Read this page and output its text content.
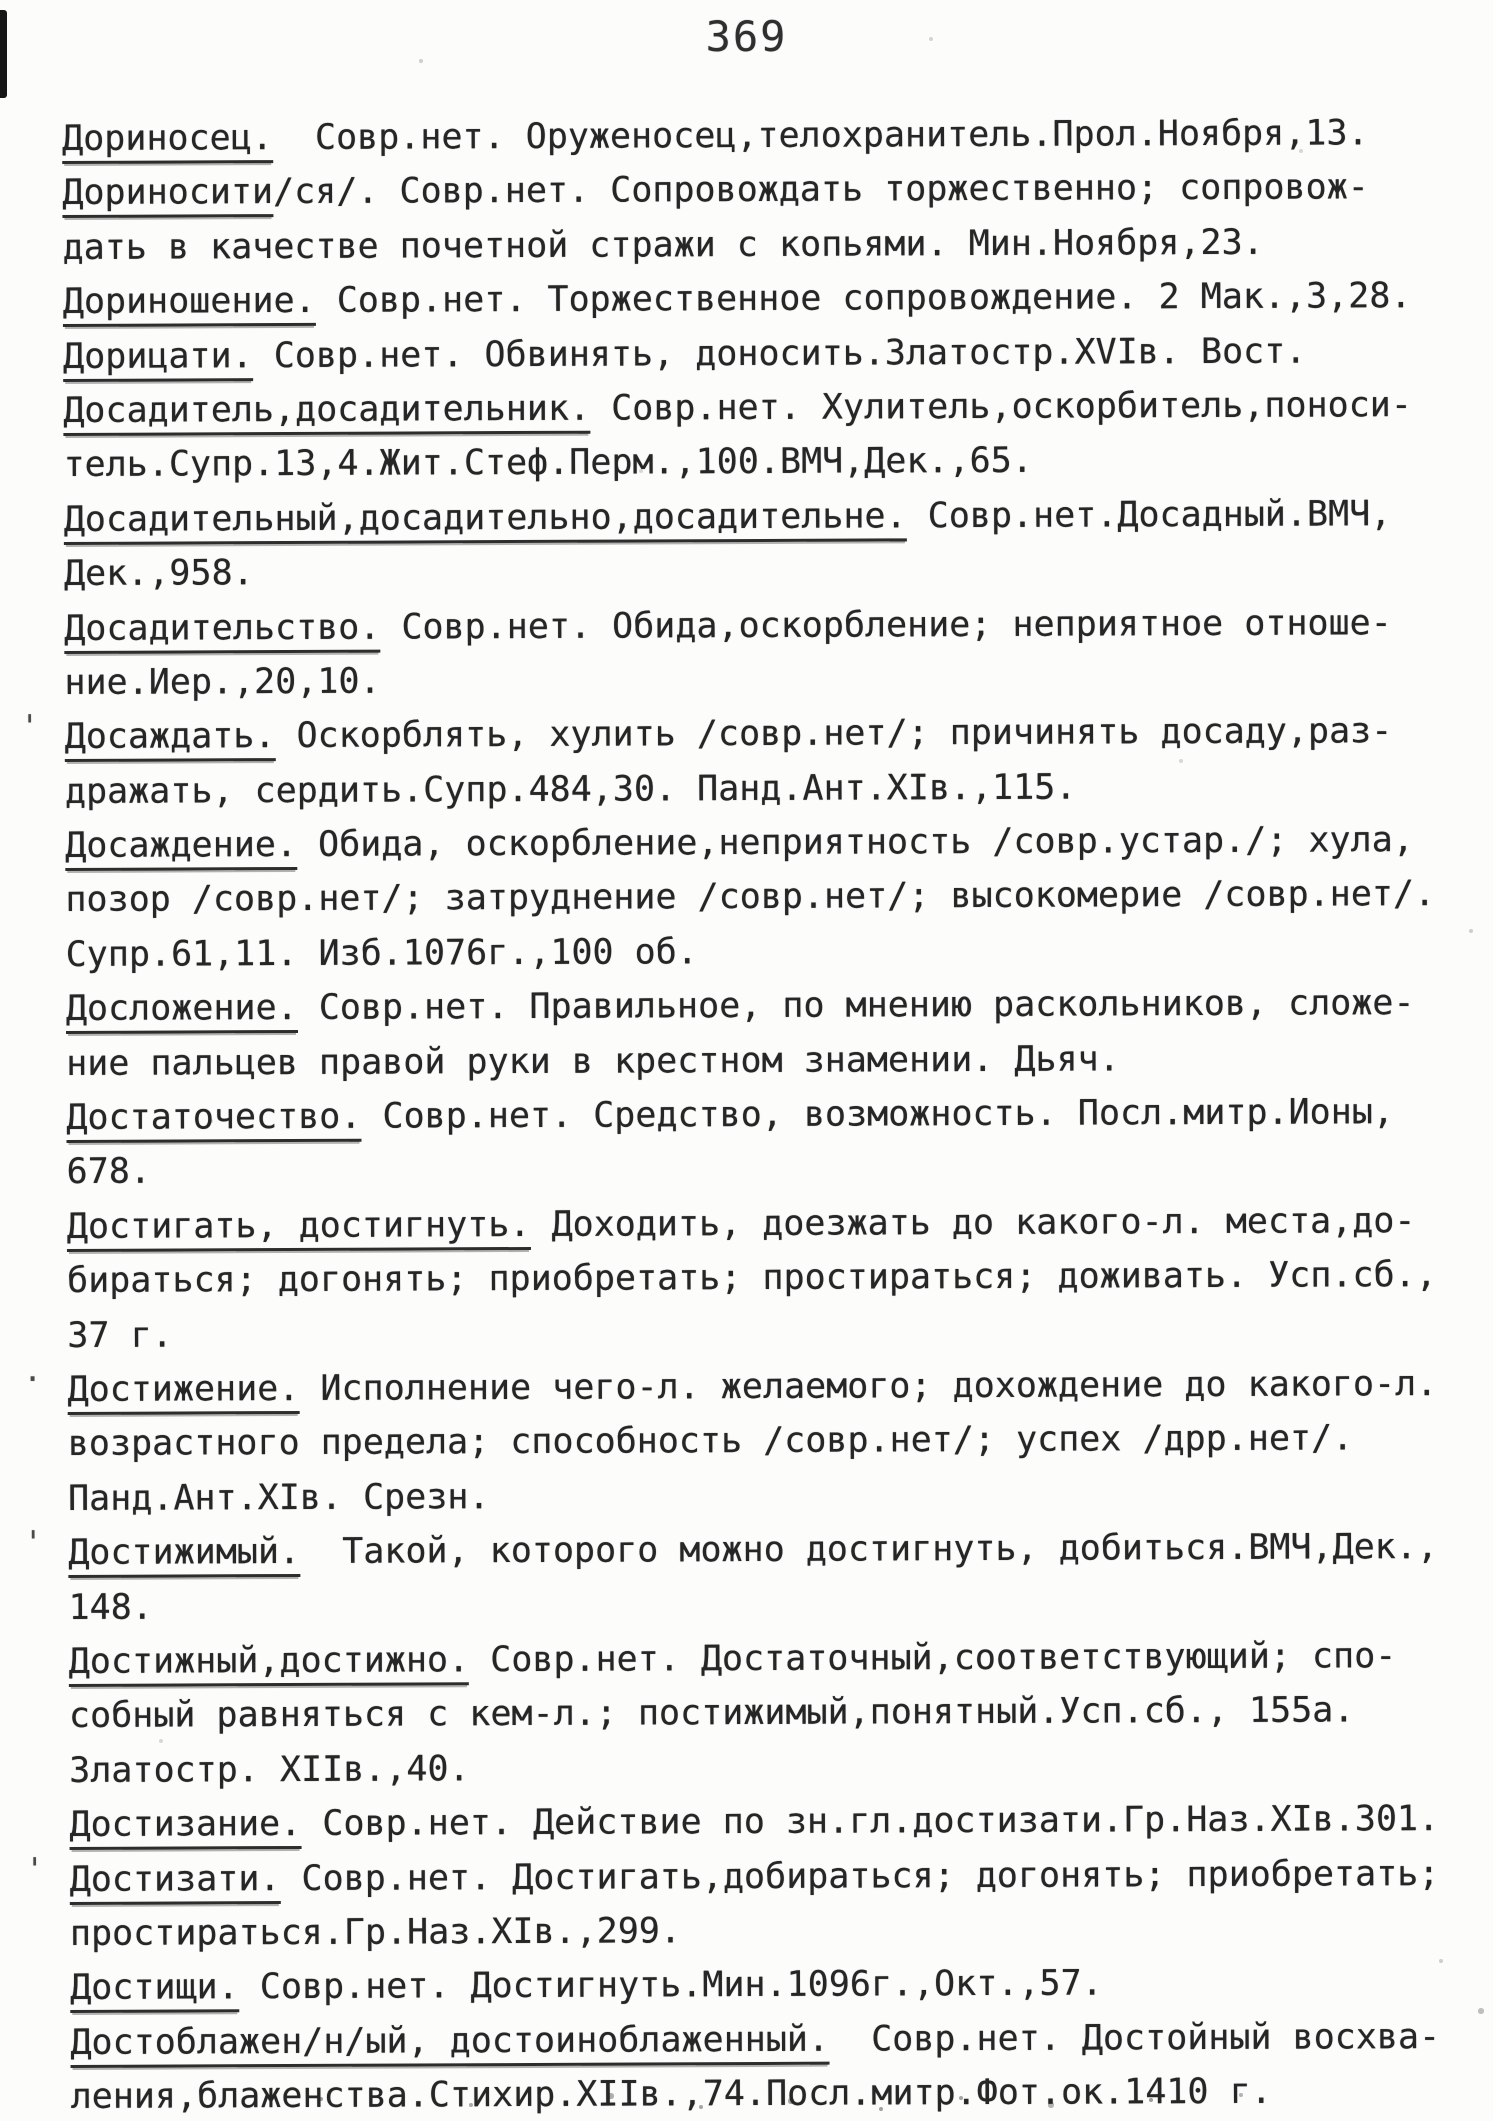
369
Дориносец.  Совр.нет. Оруженосец,телохранитель.Прол.Ноября,13.
Дориносити/ся/. Совр.нет. Сопровождать торжественно; сопровож-
дать в качестве почетной стражи с копьями. Мин.Ноября,23.
Дориношение. Совр.нет. Торжественное сопровождение. 2 Мак.,3,28.
Дорицати. Совр.нет. Обвинять, доносить.Златостр.XVIв. Вост.
Досадитель,досадительник. Совр.нет. Хулитель,оскорбитель,поноси-
тель.Супр.13,4.Жит.Стеф.Перм.,100.ВМЧ,Дек.,65.
Досадительный,досадительно,досадительне. Совр.нет.Досадный.ВМЧ,
Дек.,958.
Досадительство. Совр.нет. Обида,оскорбление; неприятное отноше-
ние.Иер.,20,10.
' Досаждать. Оскорблять, хулить /совр.нет/; причинять досаду,раз-
дражать, сердить.Супр.484,30. Панд.Ант.XIв.,115.
Досаждение. Обида, оскорбление,неприятность /совр.устар./; хула,
позор /совр.нет/; затруднение /совр.нет/; высокомерие /совр.нет/.
Супр.61,11. Изб.1076г.,100 об.
Досложение. Совр.нет. Правильное, по мнению раскольников, сложе-
ние пальцев правой руки в крестном знамении. Дьяч.
Достаточество. Совр.нет. Средство, возможность. Посл.митр.Ионы,
678.
Достигать, достигнуть. Доходить, доезжать до какого-л. места,до-
бираться; догонять; приобретать; простираться; доживать. Усп.сб.,
37 г.
· Достижение. Исполнение чего-л. желаемого; дохождение до какого-л.
возрастного предела; способность /совр.нет/; успех /дрр.нет/.
Панд.Ант.XIв. Срезн.
' Достижимый.  Такой, которого можно достигнуть, добиться.ВМЧ,Дек.,
148.
Достижный,достижно. Совр.нет. Достаточный,соответствующий; спо-
собный равняться с кем-л.; постижимый,понятный.Усп.сб., 155а.
Златостр. XIIв.,40.
Достизание. Совр.нет. Действие по зн.гл.достизати.Гр.Наз.XIв.301.
' Достизати. Совр.нет. Достигать,добираться; догонять; приобретать;
простираться.Гр.Наз.XIв.,299.
Достищи. Совр.нет. Достигнуть.Мин.1096г.,Окт.,57.
Достоблажен/н/ый, достоиноблаженный.  Совр.нет. Достойный восхва-
ления,блаженства.Стихир.XIIв.,74.Посл.митр.Фот.ок.1410 г.
